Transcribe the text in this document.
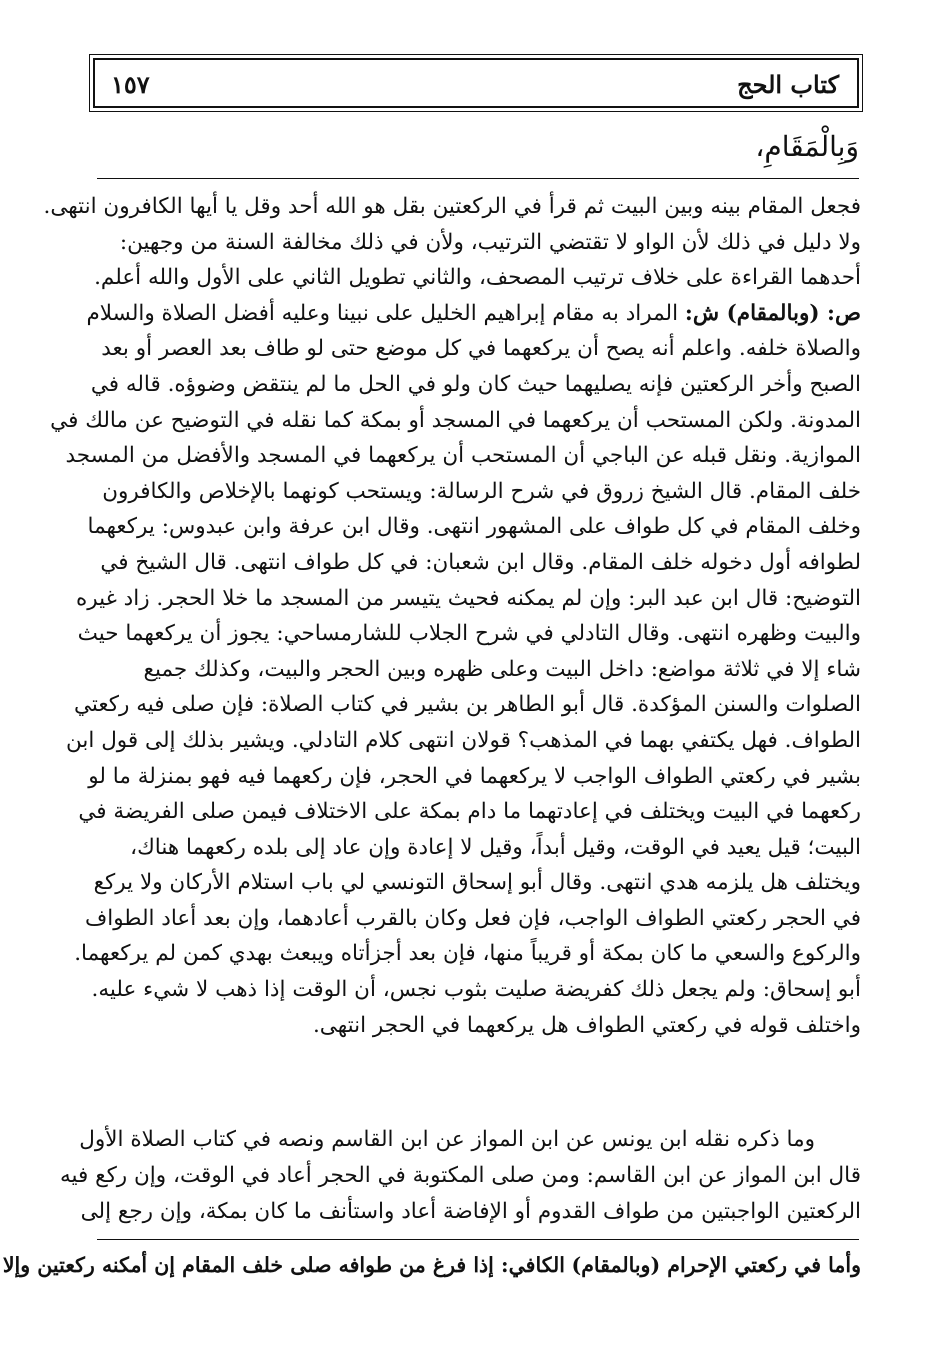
كتاب الحج
١٥٧
وَبِالْمَقَامِ،
فجعل المقام بينه وبين البيت ثم قرأ في الركعتين بقل هو الله أحد وقل يا أيها الكافرون انتهى.
ولا دليل في ذلك لأن الواو لا تقتضي الترتيب، ولأن في ذلك مخالفة السنة من وجهين:
أحدهما القراءة على خلاف ترتيب المصحف، والثاني تطويل الثاني على الأول والله أعلم.
ص: (وبالمقام) ش: المراد به مقام إبراهيم الخليل على نبينا وعليه أفضل الصلاة والسلام
والصلاة خلفه. واعلم أنه يصح أن يركعهما في كل موضع حتى لو طاف بعد العصر أو بعد
الصبح وأخر الركعتين فإنه يصليهما حيث كان ولو في الحل ما لم ينتقض وضوؤه. قاله في
المدونة. ولكن المستحب أن يركعهما في المسجد أو بمكة كما نقله في التوضيح عن مالك في
الموازية. ونقل قبله عن الباجي أن المستحب أن يركعهما في المسجد والأفضل من المسجد
خلف المقام. قال الشيخ زروق في شرح الرسالة: ويستحب كونهما بالإخلاص والكافرون
وخلف المقام في كل طواف على المشهور انتهى. وقال ابن عرفة وابن عبدوس: يركعهما
لطوافه أول دخوله خلف المقام. وقال ابن شعبان: في كل طواف انتهى. قال الشيخ في
التوضيح: قال ابن عبد البر: وإن لم يمكنه فحيث يتيسر من المسجد ما خلا الحجر. زاد غيره
والبيت وظهره انتهى. وقال التادلي في شرح الجلاب للشارمساحي: يجوز أن يركعهما حيث
شاء إلا في ثلاثة مواضع: داخل البيت وعلى ظهره وبين الحجر والبيت، وكذلك جميع
الصلوات والسنن المؤكدة. قال أبو الطاهر بن بشير في كتاب الصلاة: فإن صلى فيه ركعتي
الطواف. فهل يكتفي بهما في المذهب؟ قولان انتهى كلام التادلي. ويشير بذلك إلى قول ابن
بشير في ركعتي الطواف الواجب لا يركعهما في الحجر، فإن ركعهما فيه فهو بمنزلة ما لو
ركعهما في البيت ويختلف في إعادتهما ما دام بمكة على الاختلاف فيمن صلى الفريضة في
البيت؛ قيل يعيد في الوقت، وقيل أبداً، وقيل لا إعادة وإن عاد إلى بلده ركعهما هناك،
ويختلف هل يلزمه هدي انتهى. وقال أبو إسحاق التونسي لي باب استلام الأركان ولا يركع
في الحجر ركعتي الطواف الواجب، فإن فعل وكان بالقرب أعادهما، وإن بعد أعاد الطواف
والركوع والسعي ما كان بمكة أو قريباً منها، فإن بعد أجزأتاه ويبعث بهدي كمن لم يركعهما.
أبو إسحاق: ولم يجعل ذلك كفريضة صليت بثوب نجس، أن الوقت إذا ذهب لا شيء عليه.
واختلف قوله في ركعتي الطواف هل يركعهما في الحجر انتهى.
وما ذكره نقله ابن يونس عن ابن المواز عن ابن القاسم ونصه في كتاب الصلاة الأول
قال ابن المواز عن ابن القاسم: ومن صلى المكتوبة في الحجر أعاد في الوقت، وإن ركع فيه
الركعتين الواجبتين من طواف القدوم أو الإفاضة أعاد واستأنف ما كان بمكة، وإن رجع إلى
وأما في ركعتي الإحرام (وبالمقام) الكافي: إذا فرغ من طوافه صلى خلف المقام إن أمكنه ركعتين وإلا
